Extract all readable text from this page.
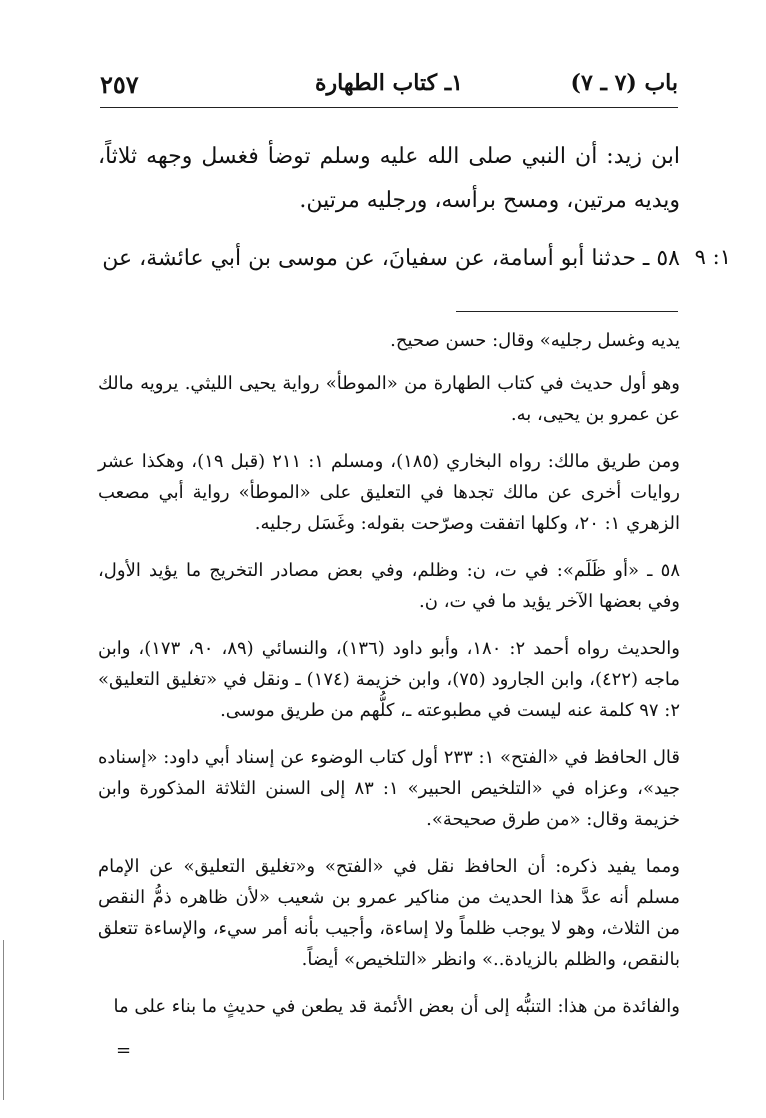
باب (٧ ـ ٧)
١ـ كتاب الطهارة
٢٥٧
١: ٩

ابن زيد: أن النبي صلى الله عليه وسلم توضأ فغسل وجهه ثلاثاً، ويديه مرتين، ومسح برأسه، ورجليه مرتين.

٥٨ ـ حدثنا أبو أسامة، عن سفيانَ، عن موسى بن أبي عائشة، عن

يديه وغسل رجليه» وقال: حسن صحيح.

وهو أول حديث في كتاب الطهارة من «الموطأ» رواية يحيى الليثي. يرويه مالك عن عمرو بن يحيى، به.

ومن طريق مالك: رواه البخاري (١٨٥)، ومسلم ١: ٢١١ (قبل ١٩)، وهكذا عشر روايات أخرى عن مالك تجدها في التعليق على «الموطأ» رواية أبي مصعب الزهري ١: ٢٠، وكلها اتفقت وصرّحت بقوله: وغَسَل رجليه.

٥٨ ـ «أو ظَلَم»: في ت، ن: وظلم، وفي بعض مصادر التخريج ما يؤيد الأول، وفي بعضها الآخر يؤيد ما في ت، ن.

والحديث رواه أحمد ٢: ١٨٠، وأبو داود (١٣٦)، والنسائي (٨٩، ٩٠، ١٧٣)، وابن ماجه (٤٢٢)، وابن الجارود (٧٥)، وابن خزيمة (١٧٤) ـ ونقل في «تغليق التعليق» ٢: ٩٧ كلمة عنه ليست في مطبوعته ـ، كلُّهم من طريق موسى.

قال الحافظ في «الفتح» ١: ٢٣٣ أول كتاب الوضوء عن إسناد أبي داود: «إسناده جيد»، وعزاه في «التلخيص الحبير» ١: ٨٣ إلى السنن الثلاثة المذكورة وابن خزيمة وقال: «من طرق صحيحة».

ومما يفيد ذكره: أن الحافظ نقل في «الفتح» و«تغليق التعليق» عن الإمام مسلم أنه عدَّ هذا الحديث من مناكير عمرو بن شعيب «لأن ظاهره ذمُّ النقص من الثلاث، وهو لا يوجب ظلماً ولا إساءة، وأجيب بأنه أمر سيء، والإساءة تتعلق بالنقص، والظلم بالزيادة..» وانظر «التلخيص» أيضاً.

والفائدة من هذا: التنبُّه إلى أن بعض الأئمة قد يطعن في حديثٍ ما بناء على ما

=
